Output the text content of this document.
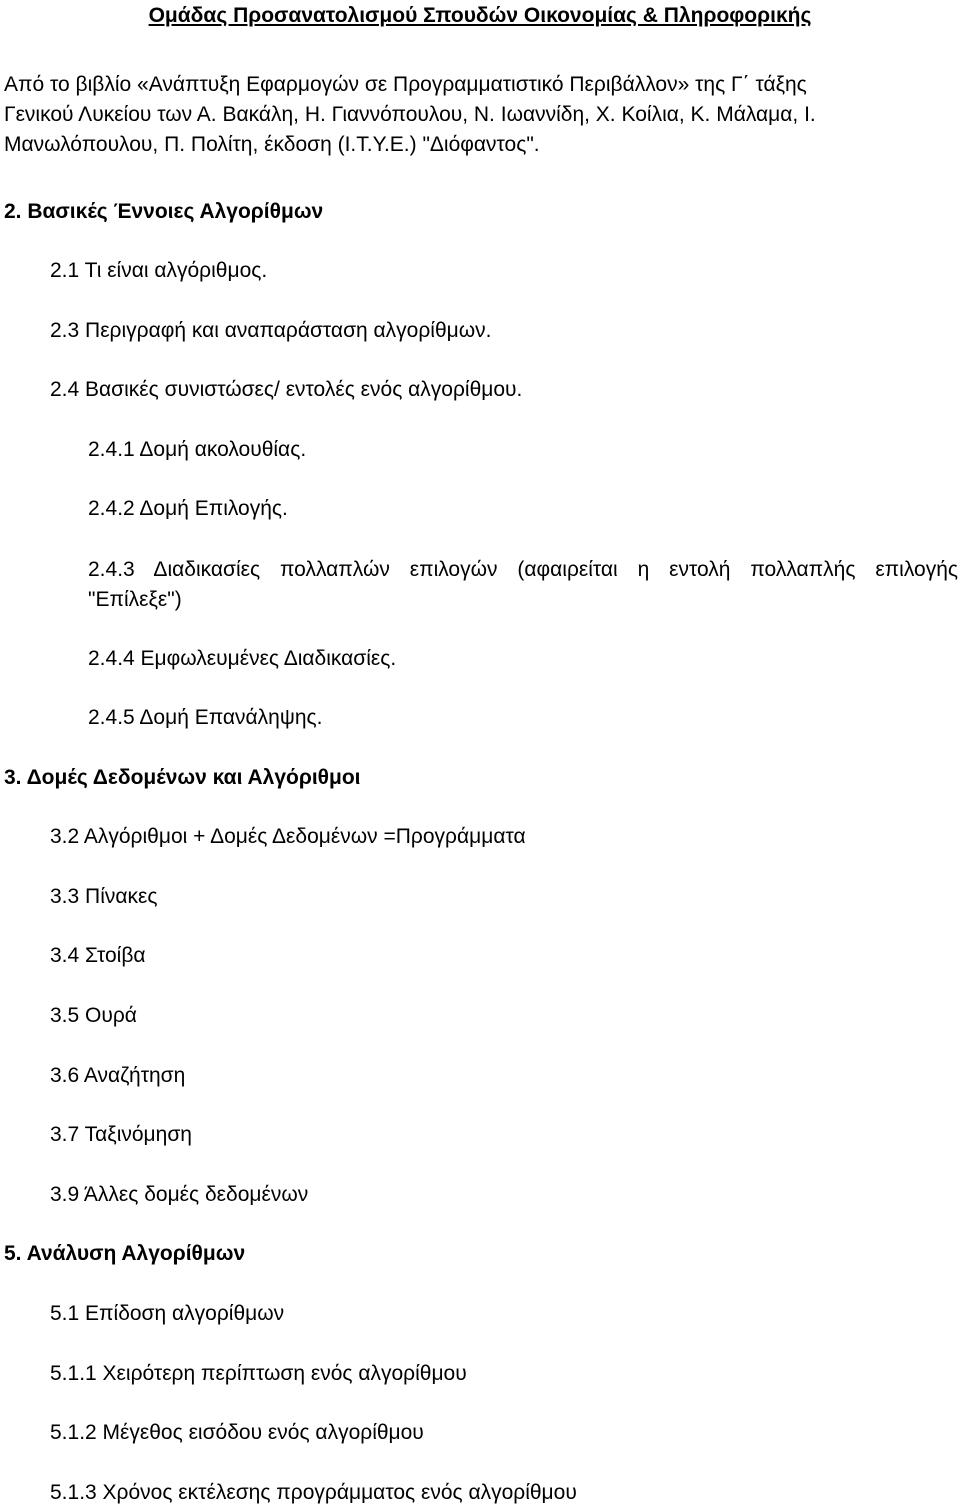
Ομάδας Προσανατολισμού Σπουδών Οικονομίας & Πληροφορικής
Από το βιβλίο «Ανάπτυξη Εφαρμογών σε Προγραμματιστικό Περιβάλλον» της Γ΄ τάξης
Γενικού Λυκείου των Α. Βακάλη, Η. Γιαννόπουλου, Ν. Ιωαννίδη, Χ. Κοίλια, Κ. Μάλαμα, Ι.
Μανωλόπουλου, Π. Πολίτη, έκδοση (Ι.Τ.Υ.Ε.) "Διόφαντος".
2. Βασικές Έννοιες Αλγορίθμων
2.1 Τι είναι αλγόριθμος.
2.3 Περιγραφή και αναπαράσταση αλγορίθμων.
2.4 Βασικές συνιστώσες/ εντολές ενός αλγορίθμου.
2.4.1 Δομή ακολουθίας.
2.4.2 Δομή Επιλογής.
2.4.3 Διαδικασίες πολλαπλών επιλογών (αφαιρείται η εντολή πολλαπλής επιλογής
"Επίλεξε")
2.4.4 Εμφωλευμένες Διαδικασίες.
2.4.5 Δομή Επανάληψης.
3. Δομές Δεδομένων και Αλγόριθμοι
3.2 Αλγόριθμοι + Δομές Δεδομένων =Προγράμματα
3.3 Πίνακες
3.4 Στοίβα
3.5 Ουρά
3.6 Αναζήτηση
3.7 Ταξινόμηση
3.9 Άλλες δομές δεδομένων
5. Ανάλυση Αλγορίθμων
5.1 Επίδοση αλγορίθμων
5.1.1 Χειρότερη περίπτωση ενός αλγορίθμου
5.1.2 Μέγεθος εισόδου ενός αλγορίθμου
5.1.3 Χρόνος εκτέλεσης προγράμματος ενός αλγορίθμου
